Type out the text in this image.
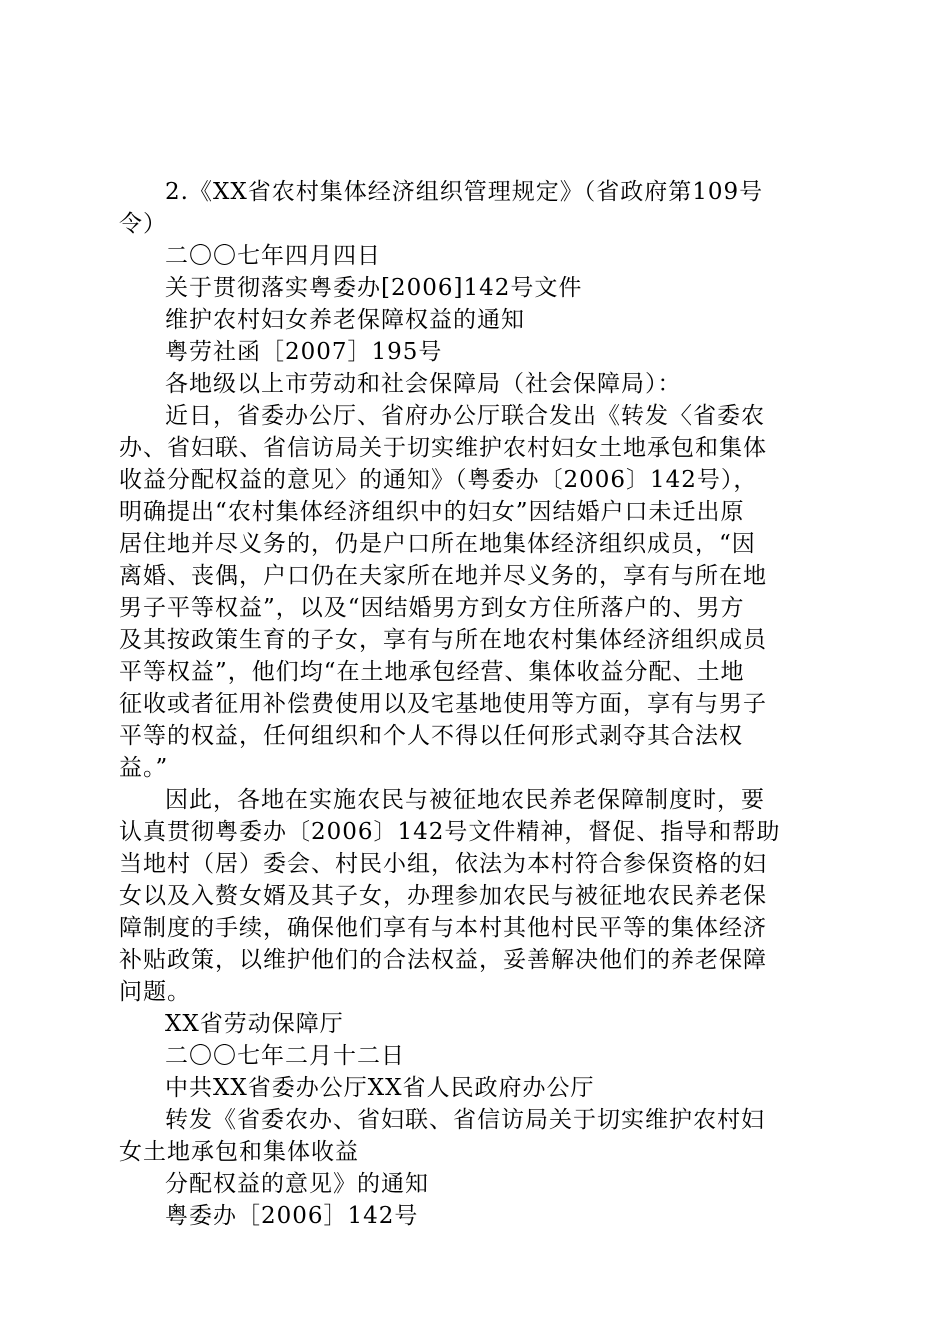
2.《XX省农村集体经济组织管理规定》（省政府第109号
令）

二〇〇七年四月四日

关于贯彻落实粤委办[2006]142号文件

维护农村妇女养老保障权益的通知

粤劳社函［2007］195号

各地级以上市劳动和社会保障局（社会保障局）：

近日，省委办公厅、省府办公厅联合发出《转发〈省委农
办、省妇联、省信访局关于切实维护农村妇女土地承包和集体
收益分配权益的意见〉的通知》（粤委办〔2006〕142号），
明确提出“农村集体经济组织中的妇女”因结婚户口未迁出原
居住地并尽义务的，仍是户口所在地集体经济组织成员，“因
离婚、丧偶，户口仍在夫家所在地并尽义务的，享有与所在地
男子平等权益”，以及“因结婚男方到女方住所落户的、男方
及其按政策生育的子女，享有与所在地农村集体经济组织成员
平等权益”，他们均“在土地承包经营、集体收益分配、土地
征收或者征用补偿费使用以及宅基地使用等方面，享有与男子
平等的权益，任何组织和个人不得以任何形式剥夺其合法权
益。”
因此，各地在实施农民与被征地农民养老保障制度时，要
认真贯彻粤委办〔2006〕142号文件精神，督促、指导和帮助
当地村（居）委会、村民小组，依法为本村符合参保资格的妇
女以及入赘女婿及其子女，办理参加农民与被征地农民养老保
障制度的手续，确保他们享有与本村其他村民平等的集体经济
补贴政策，以维护他们的合法权益，妥善解决他们的养老保障
问题。

XX省劳动保障厅

二〇〇七年二月十二日

中共XX省委办公厅XX省人民政府办公厅

转发《省委农办、省妇联、省信访局关于切实维护农村妇
女土地承包和集体收益

分配权益的意见》的通知

粤委办［2006］142号
